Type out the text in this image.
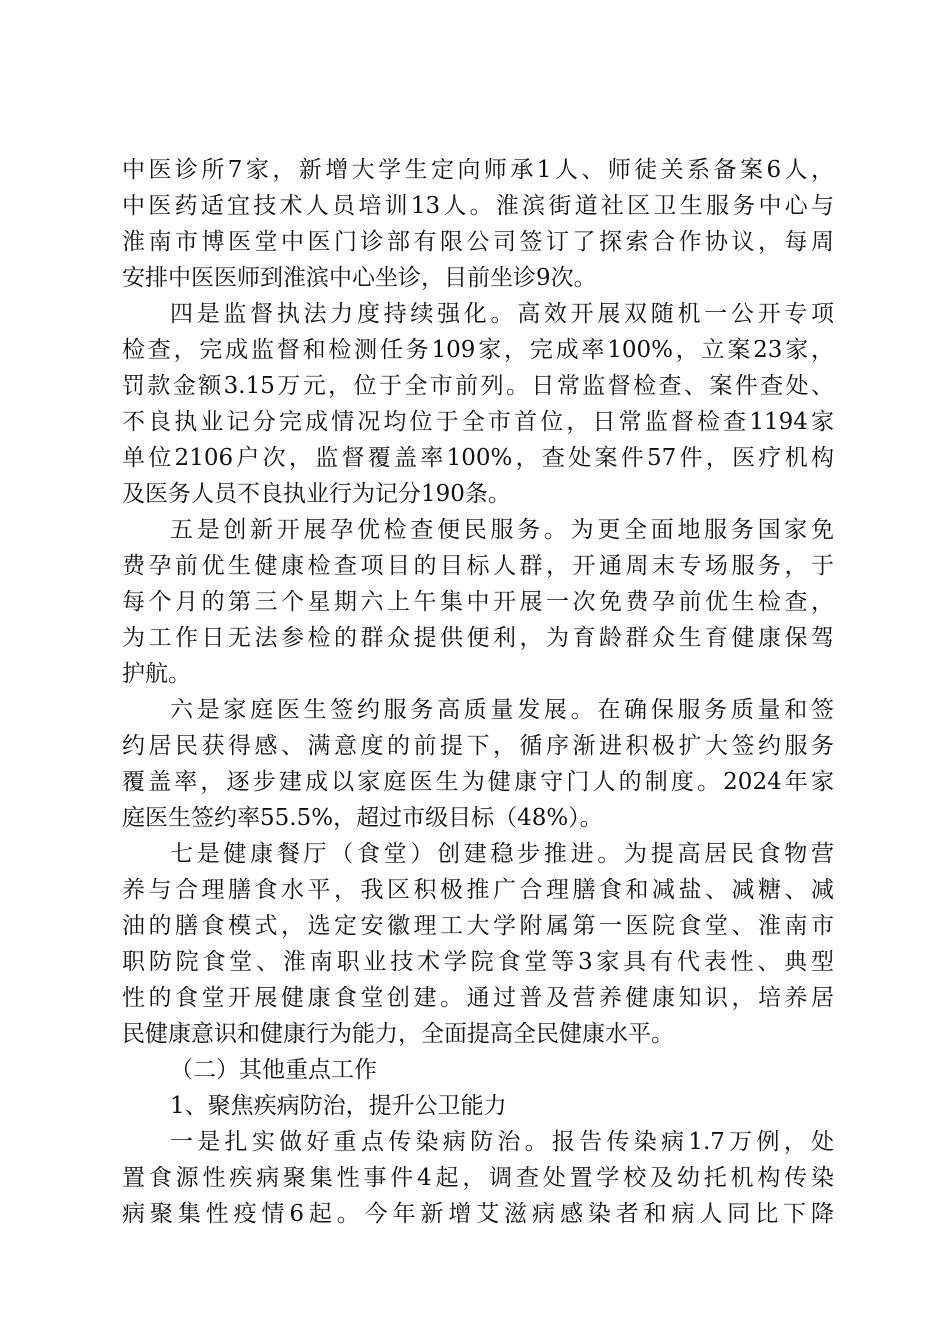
中医诊所7家，新增大学生定向师承1人、师徒关系备案6人，
中医药适宜技术人员培训13人。淮滨街道社区卫生服务中心与
淮南市博医堂中医门诊部有限公司签订了探索合作协议，每周
安排中医医师到淮滨中心坐诊，目前坐诊9次。
四是监督执法力度持续强化。高效开展双随机一公开专项
检查，完成监督和检测任务109家，完成率100%，立案23家，
罚款金额3.15万元，位于全市前列。日常监督检查、案件查处、
不良执业记分完成情况均位于全市首位，日常监督检查1194家
单位2106户次，监督覆盖率100%，查处案件57件，医疗机构
及医务人员不良执业行为记分190条。
五是创新开展孕优检查便民服务。为更全面地服务国家免
费孕前优生健康检查项目的目标人群，开通周末专场服务，于
每个月的第三个星期六上午集中开展一次免费孕前优生检查，
为工作日无法参检的群众提供便利，为育龄群众生育健康保驾
护航。
六是家庭医生签约服务高质量发展。在确保服务质量和签
约居民获得感、满意度的前提下，循序渐进积极扩大签约服务
覆盖率，逐步建成以家庭医生为健康守门人的制度。2024年家
庭医生签约率55.5%，超过市级目标（48%）。
七是健康餐厅（食堂）创建稳步推进。为提高居民食物营
养与合理膳食水平，我区积极推广合理膳食和减盐、减糖、减
油的膳食模式，选定安徽理工大学附属第一医院食堂、淮南市
职防院食堂、淮南职业技术学院食堂等3家具有代表性、典型
性的食堂开展健康食堂创建。通过普及营养健康知识，培养居
民健康意识和健康行为能力，全面提高全民健康水平。
（二）其他重点工作
1、聚焦疾病防治，提升公卫能力
一是扎实做好重点传染病防治。报告传染病1.7万例，处
置食源性疾病聚集性事件4起，调查处置学校及幼托机构传染
病聚集性疫情6起。今年新增艾滋病感染者和病人同比下降
